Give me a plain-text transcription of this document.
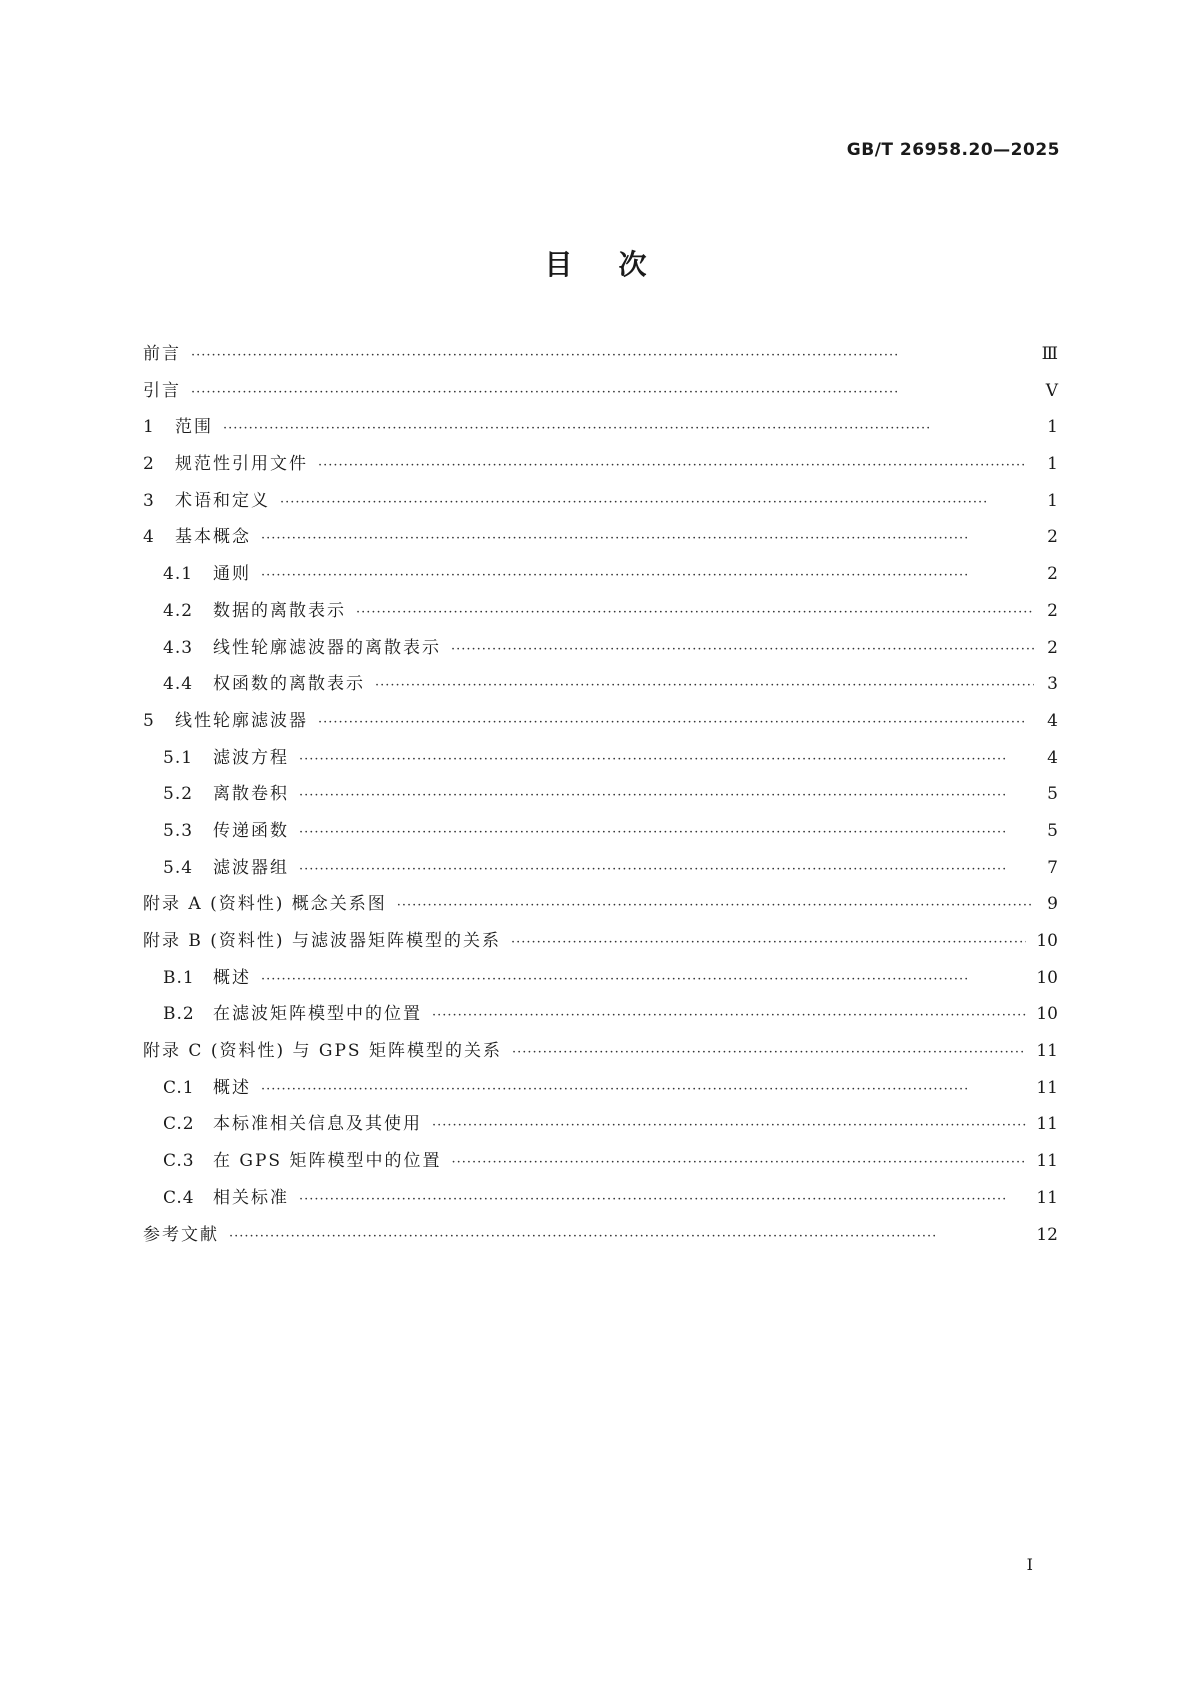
GB/T 26958.20—2025
目次
前言 ·····	Ⅲ
引言 ·····	Ⅴ
1	范围 ·····	1
2	规范性引用文件 ·····	1
3	术语和定义 ·····	1
4	基本概念 ·····	2
4.1	通则 ·····	2
4.2	数据的离散表示 ·····	2
4.3	线性轮廓滤波器的离散表示 ·····	2
4.4	权函数的离散表示 ·····	3
5	线性轮廓滤波器 ·····	4
5.1	滤波方程 ·····	4
5.2	离散卷积 ·····	5
5.3	传递函数 ·····	5
5.4	滤波器组 ·····	7
附录 A (资料性) 概念关系图 ·····	9
附录 B (资料性) 与滤波器矩阵模型的关系 ·····	10
B.1	概述 ·····	10
B.2	在滤波矩阵模型中的位置 ·····	10
附录 C (资料性) 与 GPS 矩阵模型的关系 ·····	11
C.1	概述 ·····	11
C.2	本标准相关信息及其使用 ·····	11
C.3	在 GPS 矩阵模型中的位置 ·····	11
C.4	相关标准 ·····	11
参考文献 ·····	12
Ⅰ
